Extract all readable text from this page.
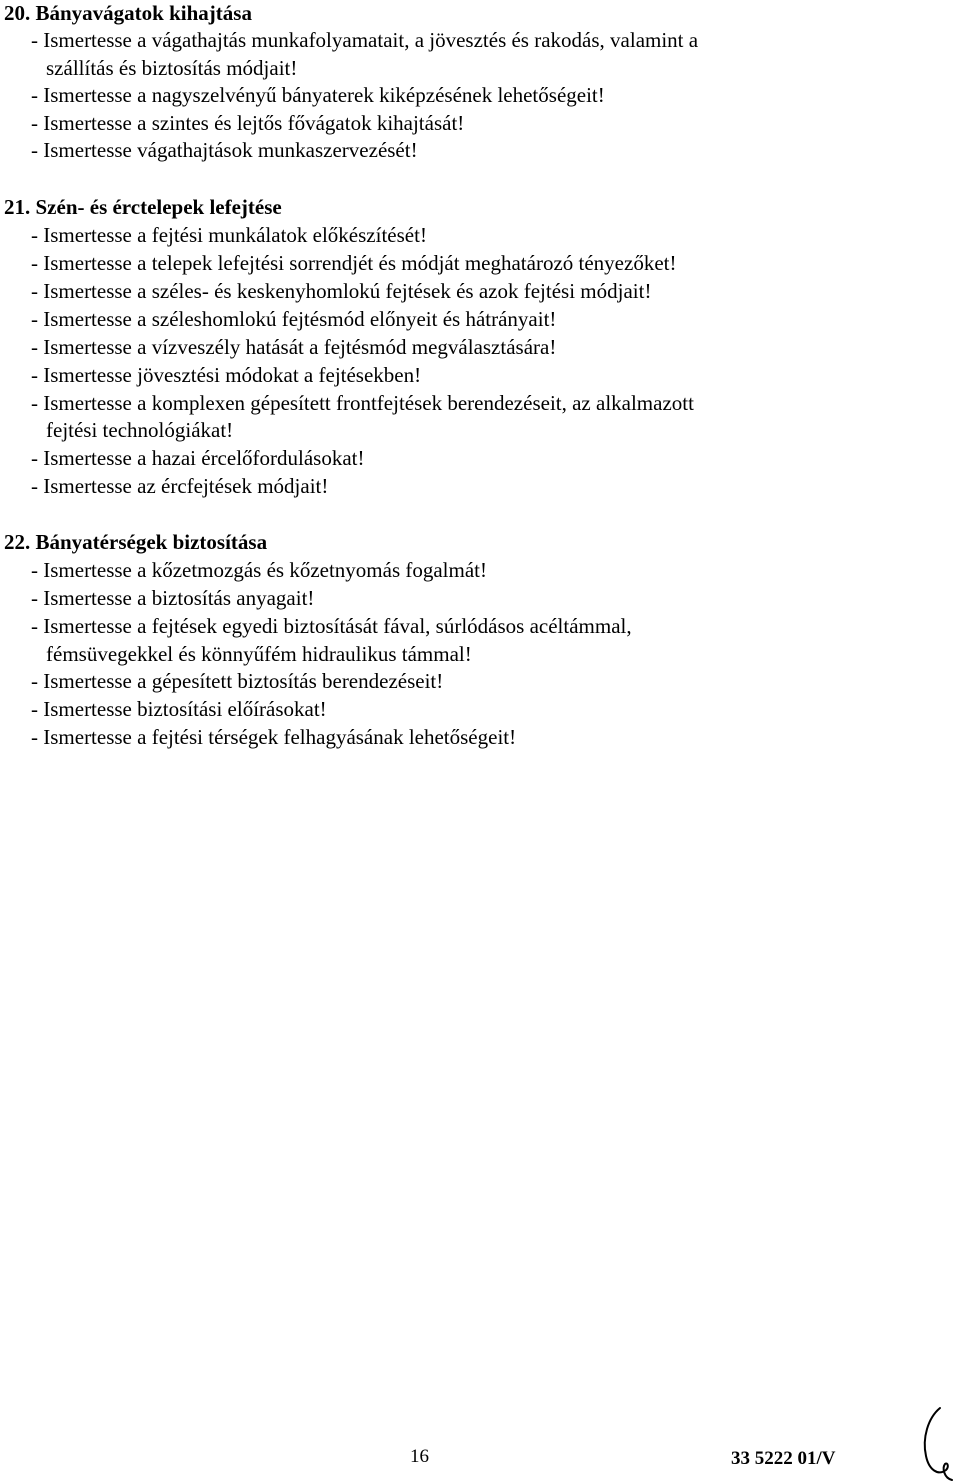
20. Bányavágatok kihajtása
- Ismertesse a vágathajtás munkafolyamatait, a jövesztés és rakodás, valamint a
szállítás és biztosítás módjait!
- Ismertesse a nagyszelvényű bányaterek kiképzésének lehetőségeit!
- Ismertesse a szintes és lejtős fővágatok kihajtását!
- Ismertesse vágathajtások munkaszervezését!
21. Szén- és érctelepek lefejtése
- Ismertesse a fejtési munkálatok előkészítését!
- Ismertesse a telepek lefejtési sorrendjét és módját meghatározó tényezőket!
- Ismertesse a széles- és keskenyhomlokú fejtések és azok fejtési módjait!
- Ismertesse a széleshomlokú fejtésmód előnyeit és hátrányait!
- Ismertesse a vízveszély hatását a fejtésmód megválasztására!
- Ismertesse jövesztési módokat a fejtésekben!
- Ismertesse a komplexen gépesített frontfejtések berendezéseit, az alkalmazott
fejtési technológiákat!
- Ismertesse a hazai ércelőfordulásokat!
- Ismertesse az ércfejtések módjait!
22. Bányatérségek biztosítása
- Ismertesse a kőzetmozgás és kőzetnyomás fogalmát!
- Ismertesse a biztosítás anyagait!
- Ismertesse a fejtések egyedi biztosítását fával, súrlódásos acéltámmal,
fémsüvegekkel és könnyűfém hidraulikus támmal!
- Ismertesse a gépesített biztosítás berendezéseit!
- Ismertesse biztosítási előírásokat!
- Ismertesse a fejtési térségek felhagyásának lehetőségeit!
16	33 5222 01/V
